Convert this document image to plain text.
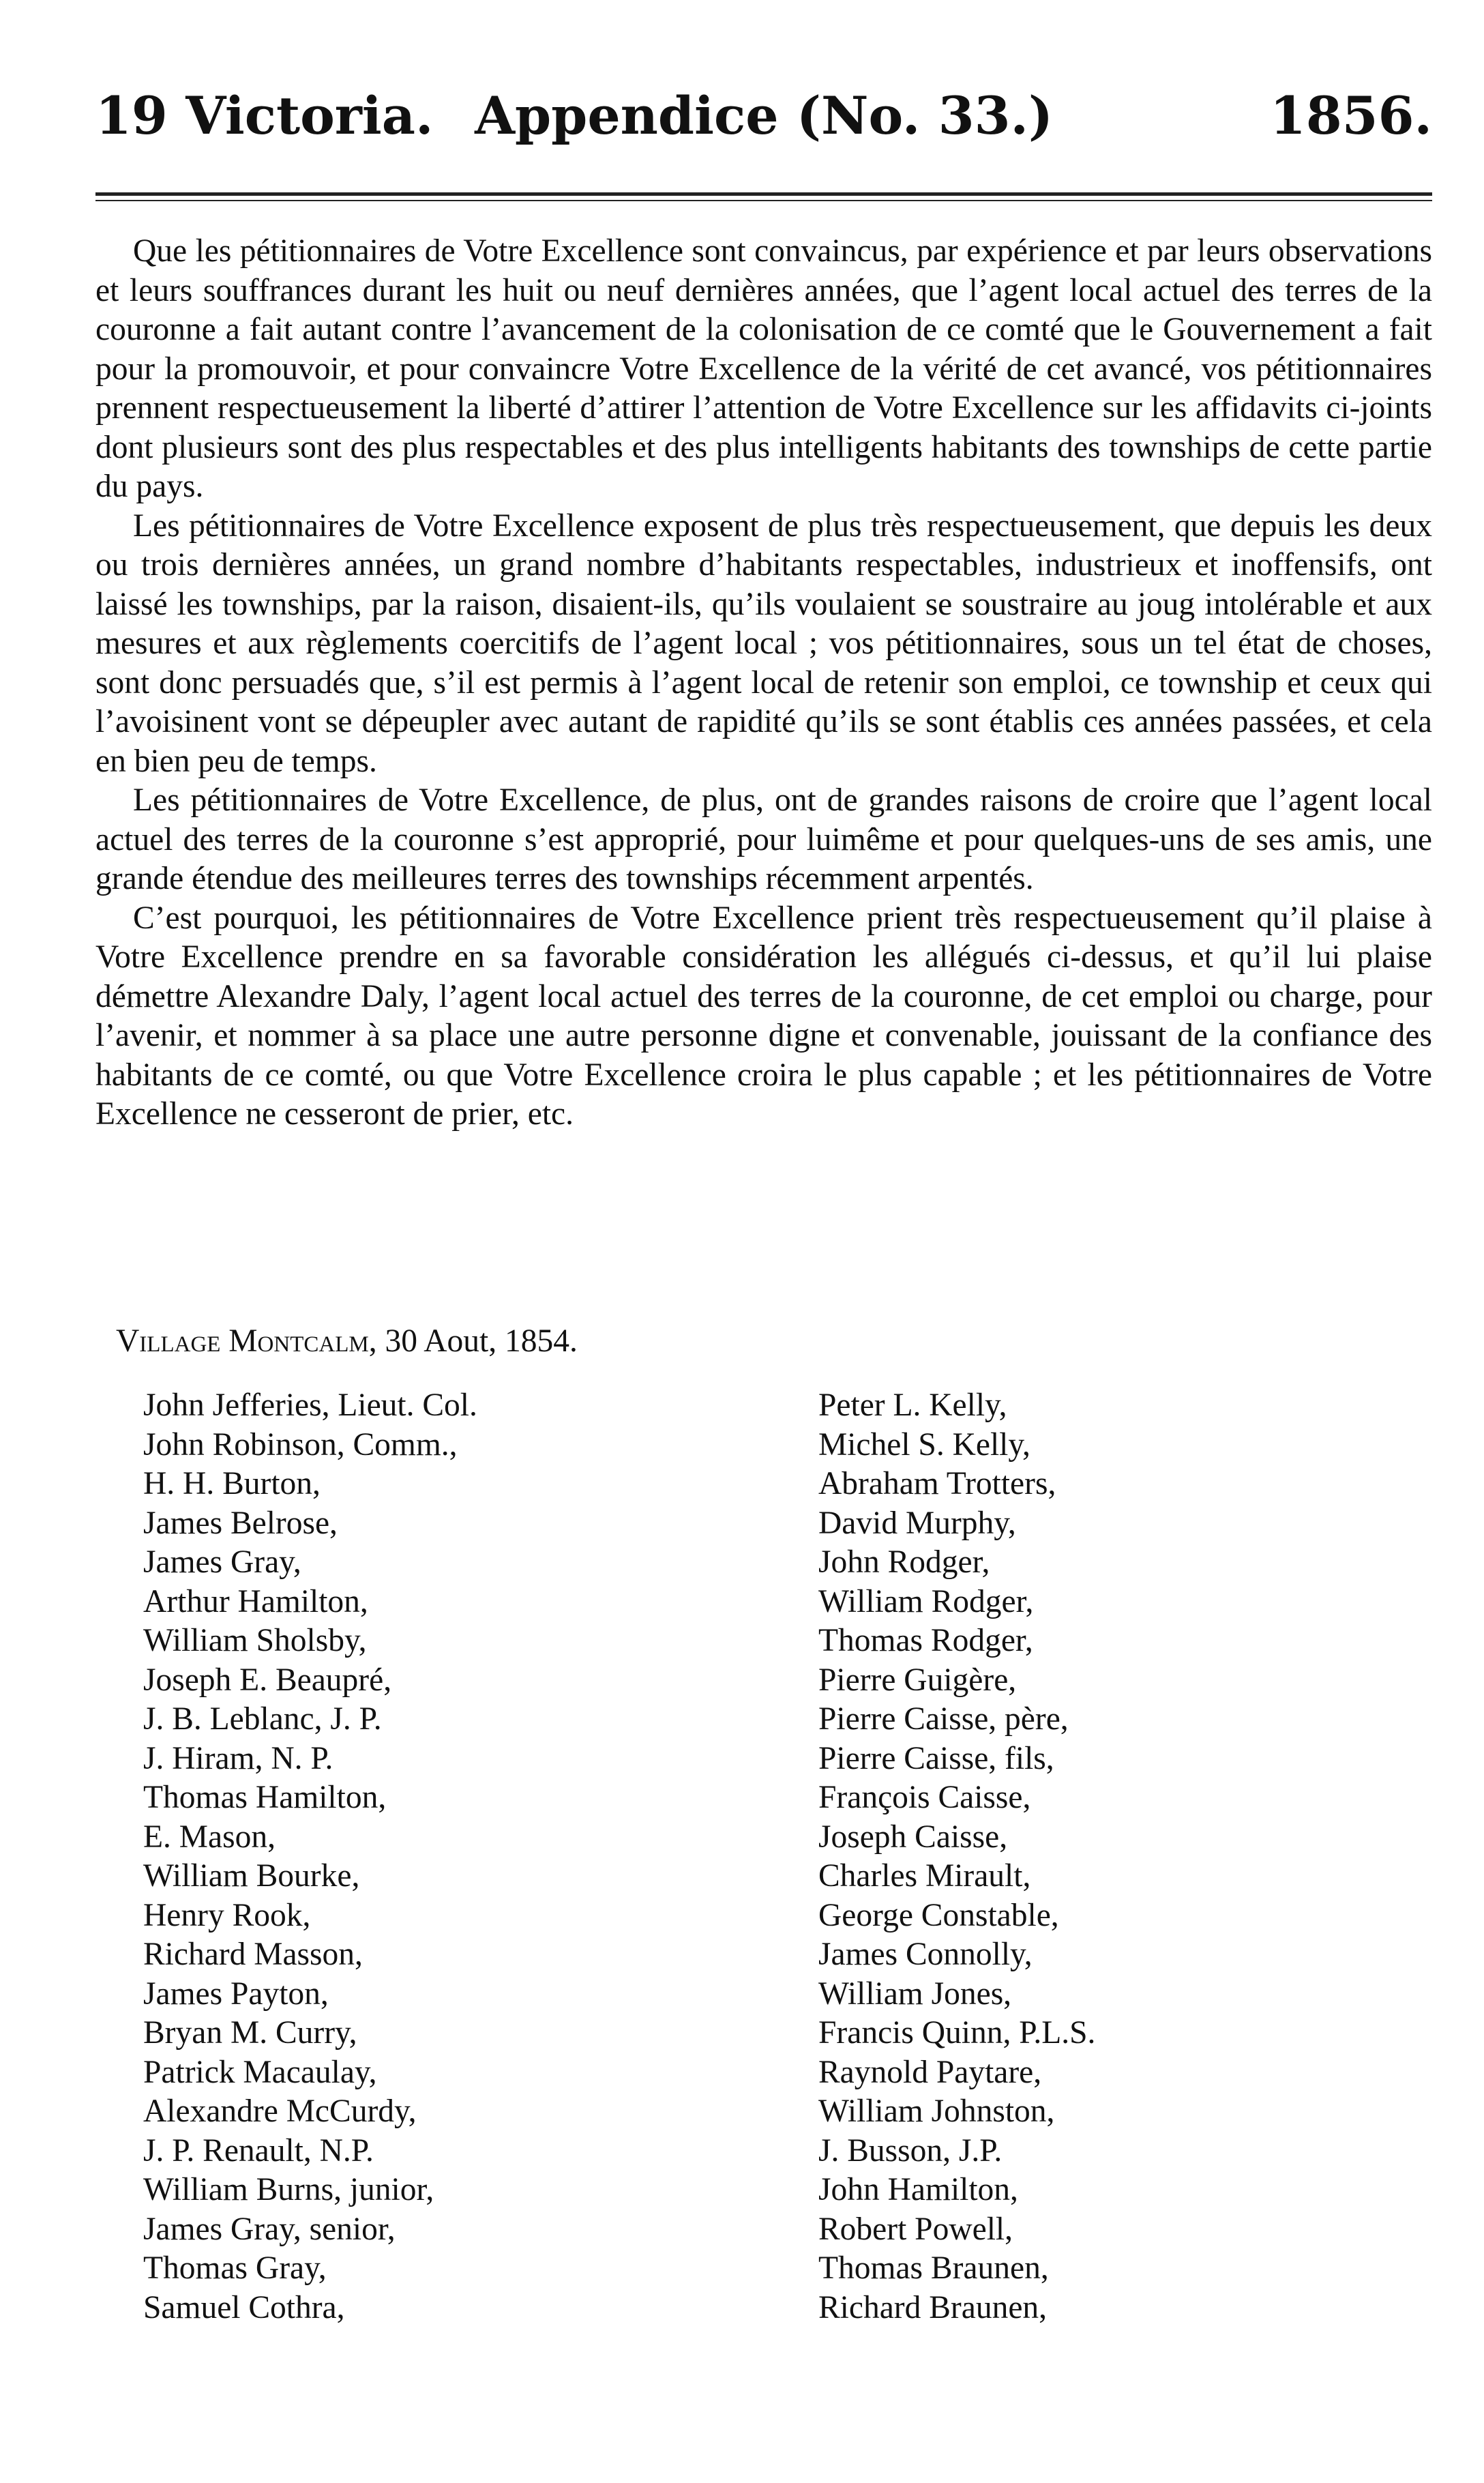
19 Victoria. Appendice (No. 33.)	1856.

Que les pétitionnaires de Votre Excellence sont convaincus, par expérience et par leurs observations et leurs souffrances durant les huit ou neuf dernières années, que l’agent local actuel des terres de la couronne a fait autant contre l’avancement de la colonisation de ce comté que le Gouvernement a fait pour la promouvoir, et pour convaincre Votre Excellence de la vérité de cet avancé, vos pétitionnaires prennent respectueusement la liberté d’attirer l’attention de Votre Excellence sur les affidavits ci-joints dont plusieurs sont des plus respectables et des plus intelligents habitants des townships de cette partie du pays.

Les pétitionnaires de Votre Excellence exposent de plus très respectueusement, que depuis les deux ou trois dernières années, un grand nombre d’habitants respectables, industrieux et inoffensifs, ont laissé les townships, par la raison, disaient-ils, qu’ils voulaient se soustraire au joug intolérable et aux mesures et aux règlements coercitifs de l’agent local ; vos pétitionnaires, sous un tel état de choses, sont donc persuadés que, s’il est permis à l’agent local de retenir son emploi, ce township et ceux qui l’avoisinent vont se dépeupler avec autant de rapidité qu’ils se sont établis ces années passées, et cela en bien peu de temps.

Les pétitionnaires de Votre Excellence, de plus, ont de grandes raisons de croire que l’agent local actuel des terres de la couronne s’est approprié, pour luimême et pour quelques-uns de ses amis, une grande étendue des meilleures terres des townships récemment arpentés.

C’est pourquoi, les pétitionnaires de Votre Excellence prient très respectueusement qu’il plaise à Votre Excellence prendre en sa favorable considération les allégués ci-dessus, et qu’il lui plaise démettre Alexandre Daly, l’agent local actuel des terres de la couronne, de cet emploi ou charge, pour l’avenir, et nommer à sa place une autre personne digne et convenable, jouissant de la confiance des habitants de ce comté, ou que Votre Excellence croira le plus capable ; et les pétitionnaires de Votre Excellence ne cesseront de prier, etc.

Village Montcalm, 30 Aout, 1854.
John Jefferies, Lieut. Col.
John Robinson, Comm.,
H. H. Burton,
James Belrose,
James Gray,
Arthur Hamilton,
William Sholsby,
Joseph E. Beaupré,
J. B. Leblanc, J. P.
J. Hiram, N. P.
Thomas Hamilton,
E. Mason,
William Bourke,
Henry Rook,
Richard Masson,
James Payton,
Bryan M. Curry,
Patrick Macaulay,
Alexandre McCurdy,
J. P. Renault, N.P.
William Burns, junior,
James Gray, senior,
Thomas Gray,
Samuel Cothra,
Peter L. Kelly,
Michel S. Kelly,
Abraham Trotters,
David Murphy,
John Rodger,
William Rodger,
Thomas Rodger,
Pierre Guigère,
Pierre Caisse, père,
Pierre Caisse, fils,
François Caisse,
Joseph Caisse,
Charles Mirault,
George Constable,
James Connolly,
William Jones,
Francis Quinn, P.L.S.
Raynold Paytare,
William Johnston,
J. Busson, J.P.
John Hamilton,
Robert Powell,
Thomas Braunen,
Richard Braunen,
